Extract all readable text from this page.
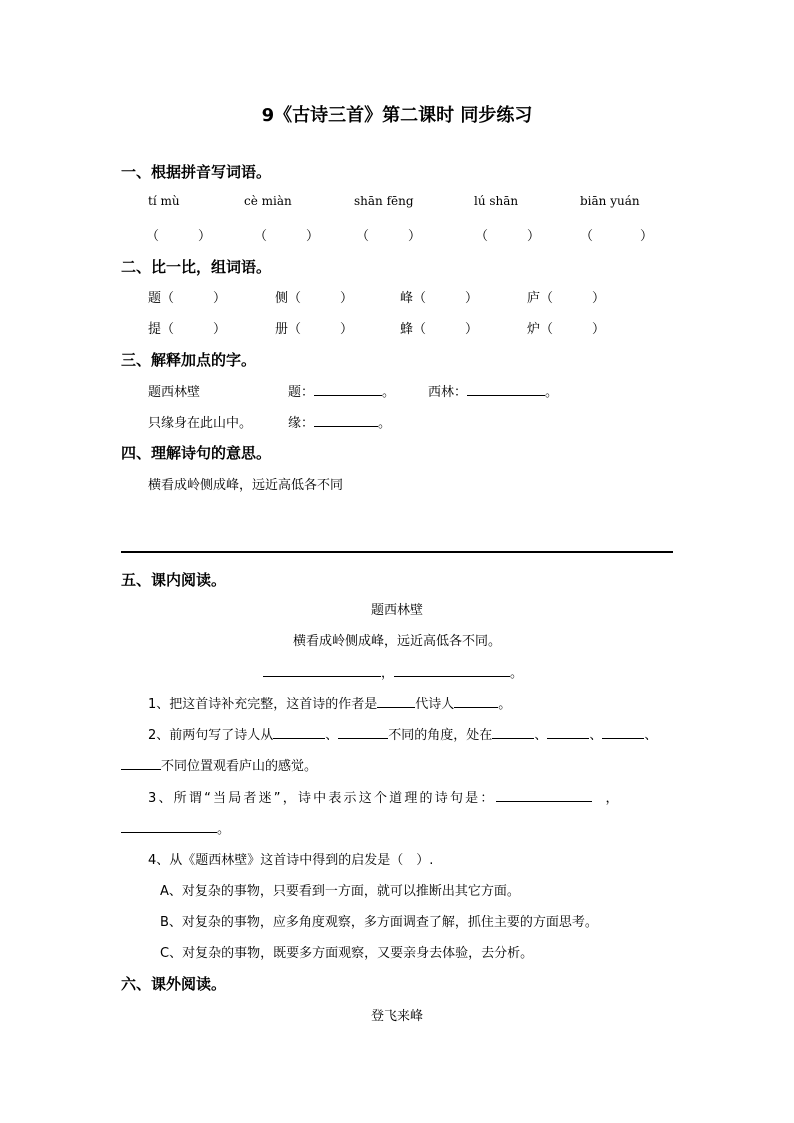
9《古诗三首》第二课时 同步练习
一、根据拼音写词语。
tí mù	cè miàn	shān fēng	lú shān	biān yuán
（　　　）	（　　　）	（　　　）	（　　　）	（　　　）
二、比一比，组词语。
题（　　　）	侧（　　　）	峰（　　　）	庐（　　　）
提（　　　）	册（　　　）	蜂（　　　）	炉（　　　）
三、解释加点的字。
题西林壁	题：	。	西林：	。
只缘身在此山中。	缘：	。
四、理解诗句的意思。
横看成岭侧成峰，远近高低各不同
五、课内阅读。
题西林壁
横看成岭侧成峰，远近高低各不同。
，	。
1、把这首诗补充完整，这首诗的作者是	代诗人	。
2、前两句写了诗人从	、	不同的角度，处在	、	、	、
不同位置观看庐山的感觉。
3、所谓“当局者迷”，诗中表示这个道理的诗句是：	，
。
4、从《题西林壁》这首诗中得到的启发是（　）.
A、对复杂的事物，只要看到一方面，就可以推断出其它方面。
B、对复杂的事物，应多角度观察，多方面调查了解，抓住主要的方面思考。
C、对复杂的事物，既要多方面观察，又要亲身去体验，去分析。
六、课外阅读。
登飞来峰
